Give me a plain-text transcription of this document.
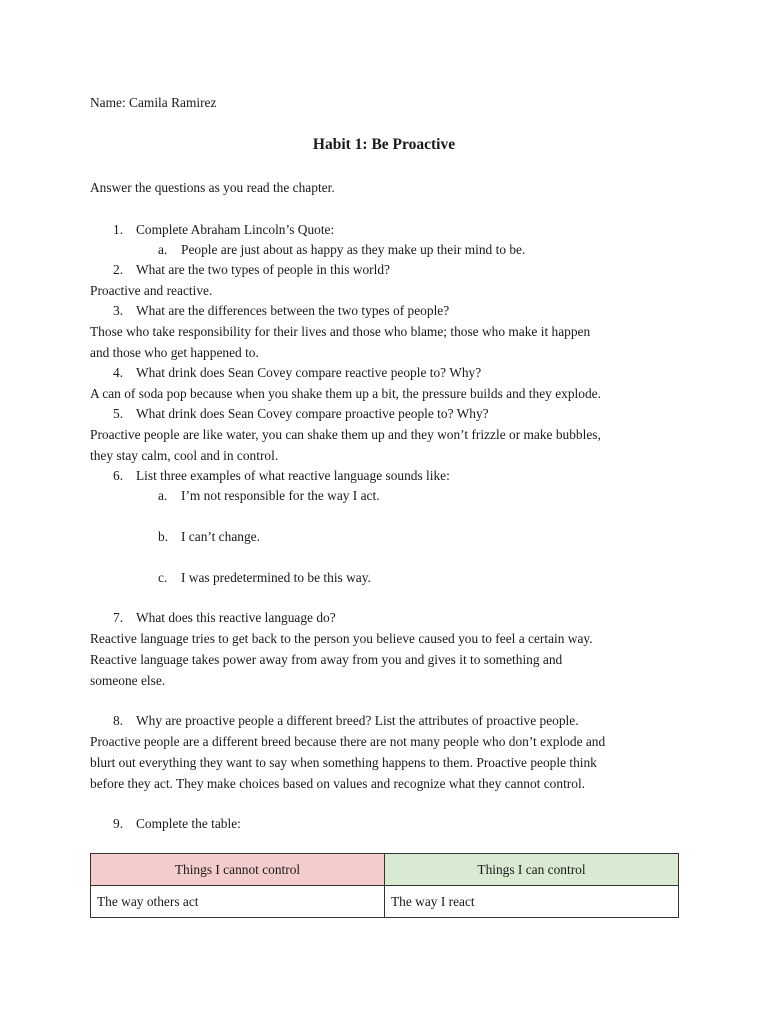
Name: Camila Ramirez
Habit 1: Be Proactive
Answer the questions as you read the chapter.
1. Complete Abraham Lincoln’s Quote:
a. People are just about as happy as they make up their mind to be.
2. What are the two types of people in this world?
Proactive and reactive.
3. What are the differences between the two types of people?
Those who take responsibility for their lives and those who blame; those who make it happen
and those who get happened to.
4. What drink does Sean Covey compare reactive people to? Why?
A can of soda pop because when you shake them up a bit, the pressure builds and they explode.
5. What drink does Sean Covey compare proactive people to? Why?
Proactive people are like water, you can shake them up and they won’t frizzle or make bubbles,
they stay calm, cool and in control.
6. List three examples of what reactive language sounds like:
a. I’m not responsible for the way I act.
b. I can’t change.
c. I was predetermined to be this way.
7. What does this reactive language do?
Reactive language tries to get back to the person you believe caused you to feel a certain way.
Reactive language takes power away from away from you and gives it to something and
someone else.
8. Why are proactive people a different breed? List the attributes of proactive people.
Proactive people are a different breed because there are not many people who don’t explode and
blurt out everything they want to say when something happens to them. Proactive people think
before they act. They make choices based on values and recognize what they cannot control.
9. Complete the table:
Things I cannot control	Things I can control
The way others act	The way I react
